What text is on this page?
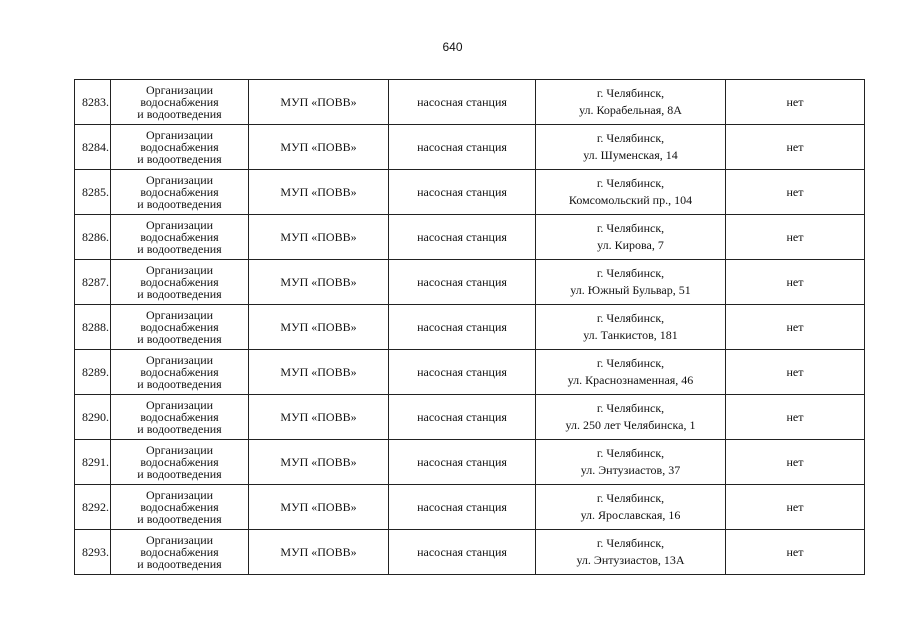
640
8283.	Организации
водоснабжения
и водоотведения	МУП «ПОВВ»	насосная станция	г. Челябинск,
ул. Корабельная, 8А	нет
8284.	Организации
водоснабжения
и водоотведения	МУП «ПОВВ»	насосная станция	г. Челябинск,
ул. Шуменская, 14	нет
8285.	Организации
водоснабжения
и водоотведения	МУП «ПОВВ»	насосная станция	г. Челябинск,
Комсомольский пр., 104	нет
8286.	Организации
водоснабжения
и водоотведения	МУП «ПОВВ»	насосная станция	г. Челябинск,
ул. Кирова, 7	нет
8287.	Организации
водоснабжения
и водоотведения	МУП «ПОВВ»	насосная станция	г. Челябинск,
ул. Южный Бульвар, 51	нет
8288.	Организации
водоснабжения
и водоотведения	МУП «ПОВВ»	насосная станция	г. Челябинск,
ул. Танкистов, 181	нет
8289.	Организации
водоснабжения
и водоотведения	МУП «ПОВВ»	насосная станция	г. Челябинск,
ул. Краснознаменная, 46	нет
8290.	Организации
водоснабжения
и водоотведения	МУП «ПОВВ»	насосная станция	г. Челябинск,
ул. 250 лет Челябинска, 1	нет
8291.	Организации
водоснабжения
и водоотведения	МУП «ПОВВ»	насосная станция	г. Челябинск,
ул. Энтузиастов, 37	нет
8292.	Организации
водоснабжения
и водоотведения	МУП «ПОВВ»	насосная станция	г. Челябинск,
ул. Ярославская, 16	нет
8293.	Организации
водоснабжения
и водоотведения	МУП «ПОВВ»	насосная станция	г. Челябинск,
ул. Энтузиастов, 13А	нет
